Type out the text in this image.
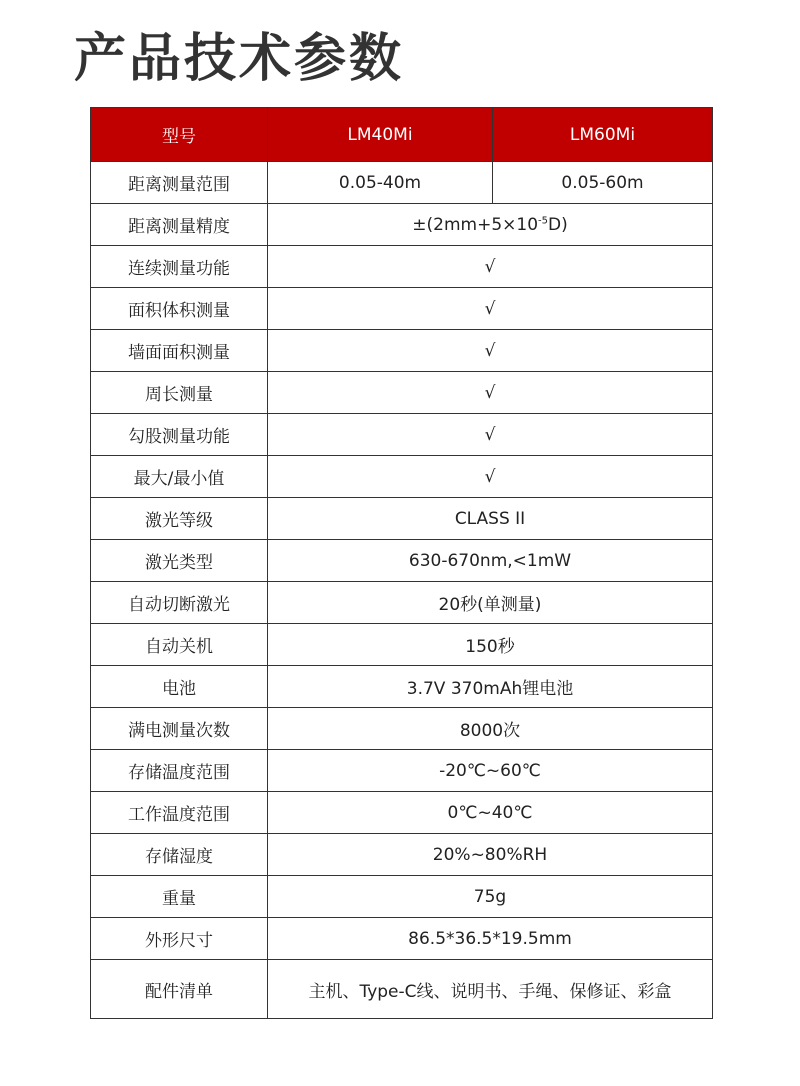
产品技术参数
型号	LM40Mi	LM60Mi
距离测量范围	0.05-40m	0.05-60m
距离测量精度	$\pm(2mm+5\times 10^{-5}D)$	
连续测量功能	√	
面积体积测量	√	
墙面面积测量	√	
周长测量	√	
勾股测量功能	√	
最大/最小值	√	
激光等级	CLASS II	
激光类型	630-670nm,<1mW	
自动切断激光	20秒(单测量)	
自动关机	150秒	
电池	3.7V 370mAh锂电池	
满电测量次数	8000次	
存储温度范围	-20℃~60℃	
工作温度范围	0℃~40℃	
存储湿度	20%~80%RH	
重量	75g	
外形尺寸	86.5*36.5*19.5mm	
配件清单	主机、Type-C线、说明书、手绳、保修证、彩盒	
